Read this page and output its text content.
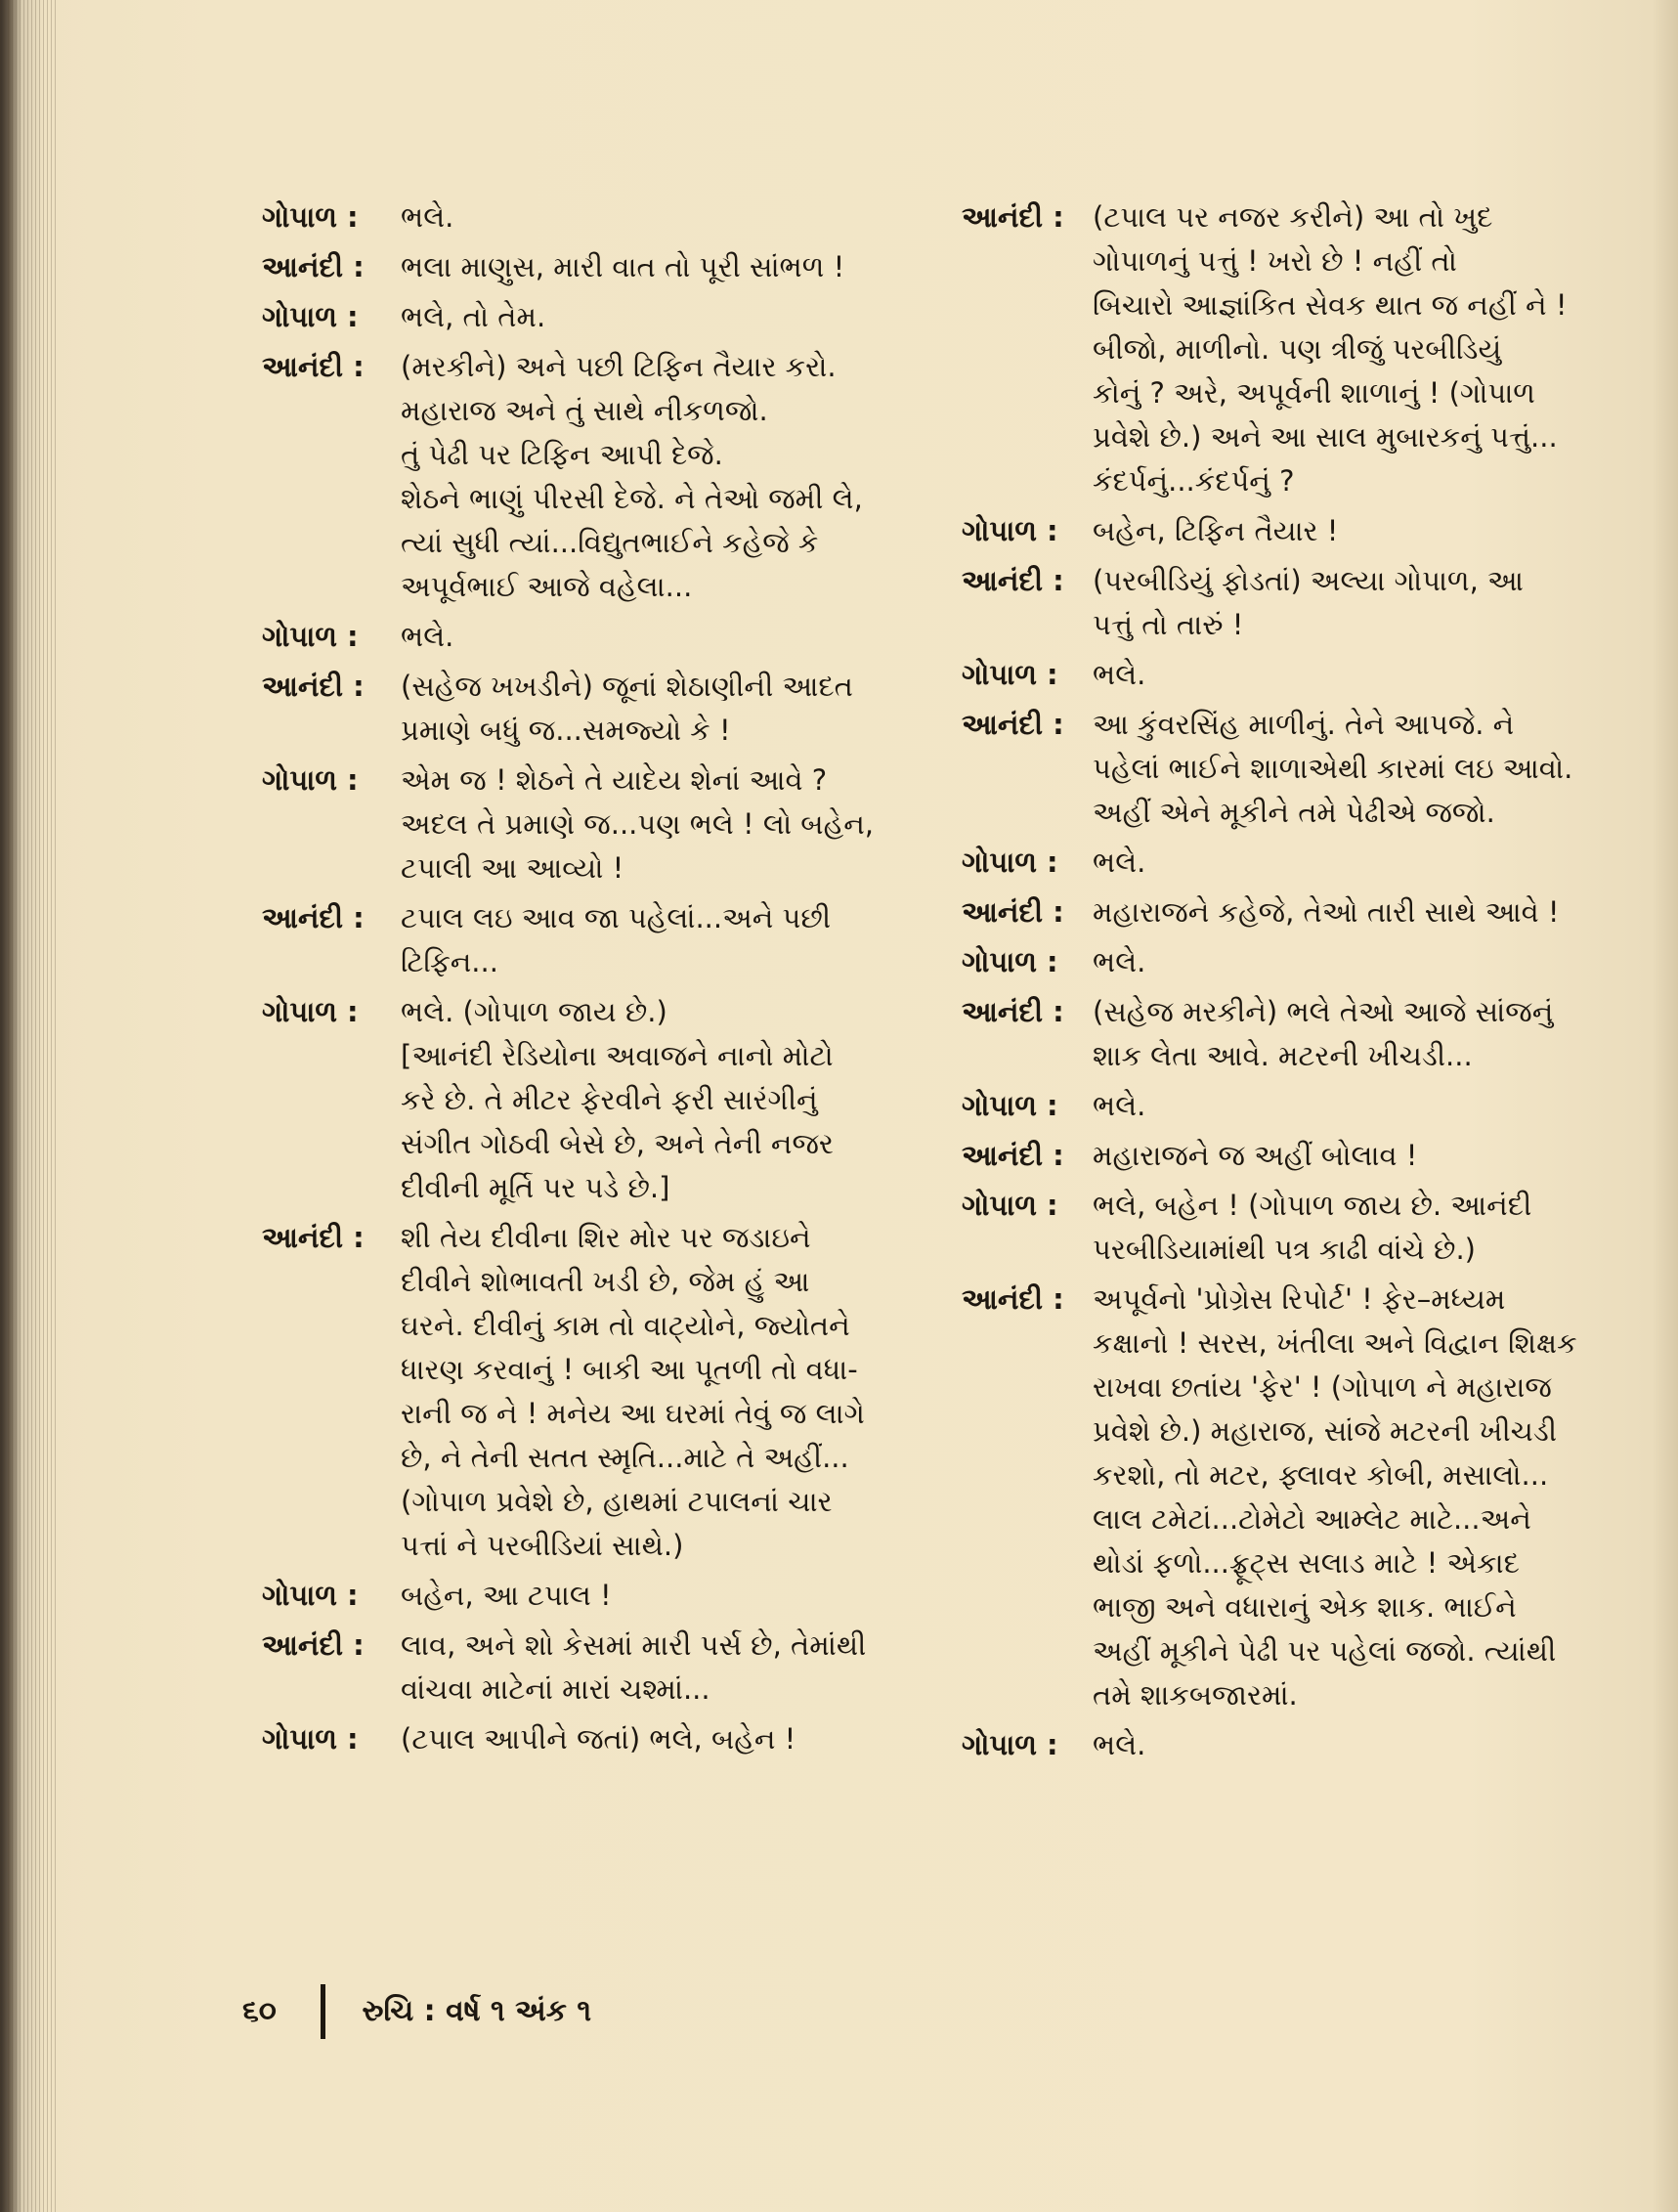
ગોપાળ : ભલે.
આનંદી : ભલા માણુસ, મારી વાત તો પૂરી સાંભળ !
ગોપાળ : ભલે, તો તેમ.
આનંદી : (મરકીને) અને પછી ટિફિન તૈયાર કરો.
મહારાજ અને તું સાથે નીકળજો.
તું પેઢી પર ટિફિન આપી દેજે.
શેઠને ભાણું પીરસી દેજે. ને તેઓ જમી લે,
ત્યાં સુધી ત્યાં...વિદ્યુતભાઈને કહેજે કે
અપૂર્વભાઈ આજે વહેલા...
ગોપાળ : ભલે.
આનંદી : (સહેજ ખખડીને) જૂનાં શેઠાણીની આદત
પ્રમાણે બધું જ...સમજ્યો કે !
ગોપાળ : એમ જ ! શેઠને તે યાદેય શેનાં આવે ?
અદલ તે પ્રમાણે જ...પણ ભલે ! લો બહેન,
ટપાલી આ આવ્યો !
આનંદી : ટપાલ લઇ આવ જા પહેલાં...અને પછી
ટિફિન...
ગોપાળ : ભલે. (ગોપાળ જાય છે.)
[આનંદી રેડિયોના અવાજને નાનો મોટો
કરે છે. તે મીટર ફેરવીને ફરી સારંગીનું
સંગીત ગોઠવી બેસે છે, અને તેની નજર
દીવીની મૂર્તિ પર પડે છે.]
આનંદી : શી તેય દીવીના શિર મોર પર જડાઇને
દીવીને શોભાવતી ખડી છે, જેમ હું આ
ઘરને. દીવીનું કામ તો વાટ્યોને, જ્યોતને
ધારણ કરવાનું ! બાકી આ પૂતળી તો વધા-
રાની જ ને ! મનેય આ ઘરમાં તેવું જ લાગે
છે, ને તેની સતત સ્મૃતિ...માટે તે અહીં...
(ગોપાળ પ્રવેશે છે, હાથમાં ટપાલનાં ચાર
પત્તાં ને પરબીડિયાં સાથે.)
ગોપાળ : બહેન, આ ટપાલ !
આનંદી : લાવ, અને શો કેસમાં મારી પર્સ છે, તેમાંથી
વાંચવા માટેનાં મારાં ચશ્માં...
ગોપાળ : (ટપાલ આપીને જતાં) ભલે, બહેન !
આનંદી : (ટપાલ પર નજર કરીને) આ તો ખુદ
ગોપાળનું પત્તું ! ખરો છે ! નહીં તો
બિચારો આજ્ઞાંકિત સેવક થાત જ નહીં ને !
બીજો, માળીનો. પણ ત્રીજું પરબીડિયું
કોનું ? અરે, અપૂર્વની શાળાનું ! (ગોપાળ
પ્રવેશે છે.) અને આ સાલ મુબારકનું પત્તું...
કંદર્પનું...કંદર્પનું ?
ગોપાળ : બહેન, ટિફિન તૈયાર !
આનંદી : (પરબીડિયું ફોડતાં) અલ્યા ગોપાળ, આ
પત્તું તો તારું !
ગોપાળ : ભલે.
આનંદી : આ કુંવરસિંહ માળીનું. તેને આપજે. ને
પહેલાં ભાઈને શાળાએથી કારમાં લઇ આવો.
અહીં એને મૂકીને તમે પેઢીએ જજો.
ગોપાળ : ભલે.
આનંદી : મહારાજને કહેજે, તેઓ તારી સાથે આવે !
ગોપાળ : ભલે.
આનંદી : (સહેજ મરકીને) ભલે તેઓ આજે સાંજનું
શાક લેતા આવે. મટરની ખીચડી...
ગોપાળ : ભલે.
આનંદી : મહારાજને જ અહીં બોલાવ !
ગોપાળ : ભલે, બહેન ! (ગોપાળ જાય છે. આનંદી
પરબીડિયામાંથી પત્ર કાઢી વાંચે છે.)
આનંદી : અપૂર્વનો 'પ્રોગ્રેસ રિપોર્ટ' ! ફેર–મધ્યમ
કક્ષાનો ! સરસ, ખંતીલા અને વિદ્વાન શિક્ષક
રાખવા છતાંય 'ફેર' ! (ગોપાળ ને મહારાજ
પ્રવેશે છે.) મહારાજ, સાંજે મટરની ખીચડી
કરશો, તો મટર, ફ્લાવર કોબી, મસાલો...
લાલ ટમેટાં...ટોમેટો આમ્લેટ માટે...અને
થોડાં ફળો...ફ્રૂટ્સ સલાડ માટે ! એકાદ
ભાજી અને વધારાનું એક શાક. ભાઈને
અહીં મૂકીને પેઢી પર પહેલાં જજો. ત્યાંથી
તમે શાકબજારમાં.
ગોપાળ : ભલે.
૬૦	રુચિ : વર્ષ ૧ અંક ૧
